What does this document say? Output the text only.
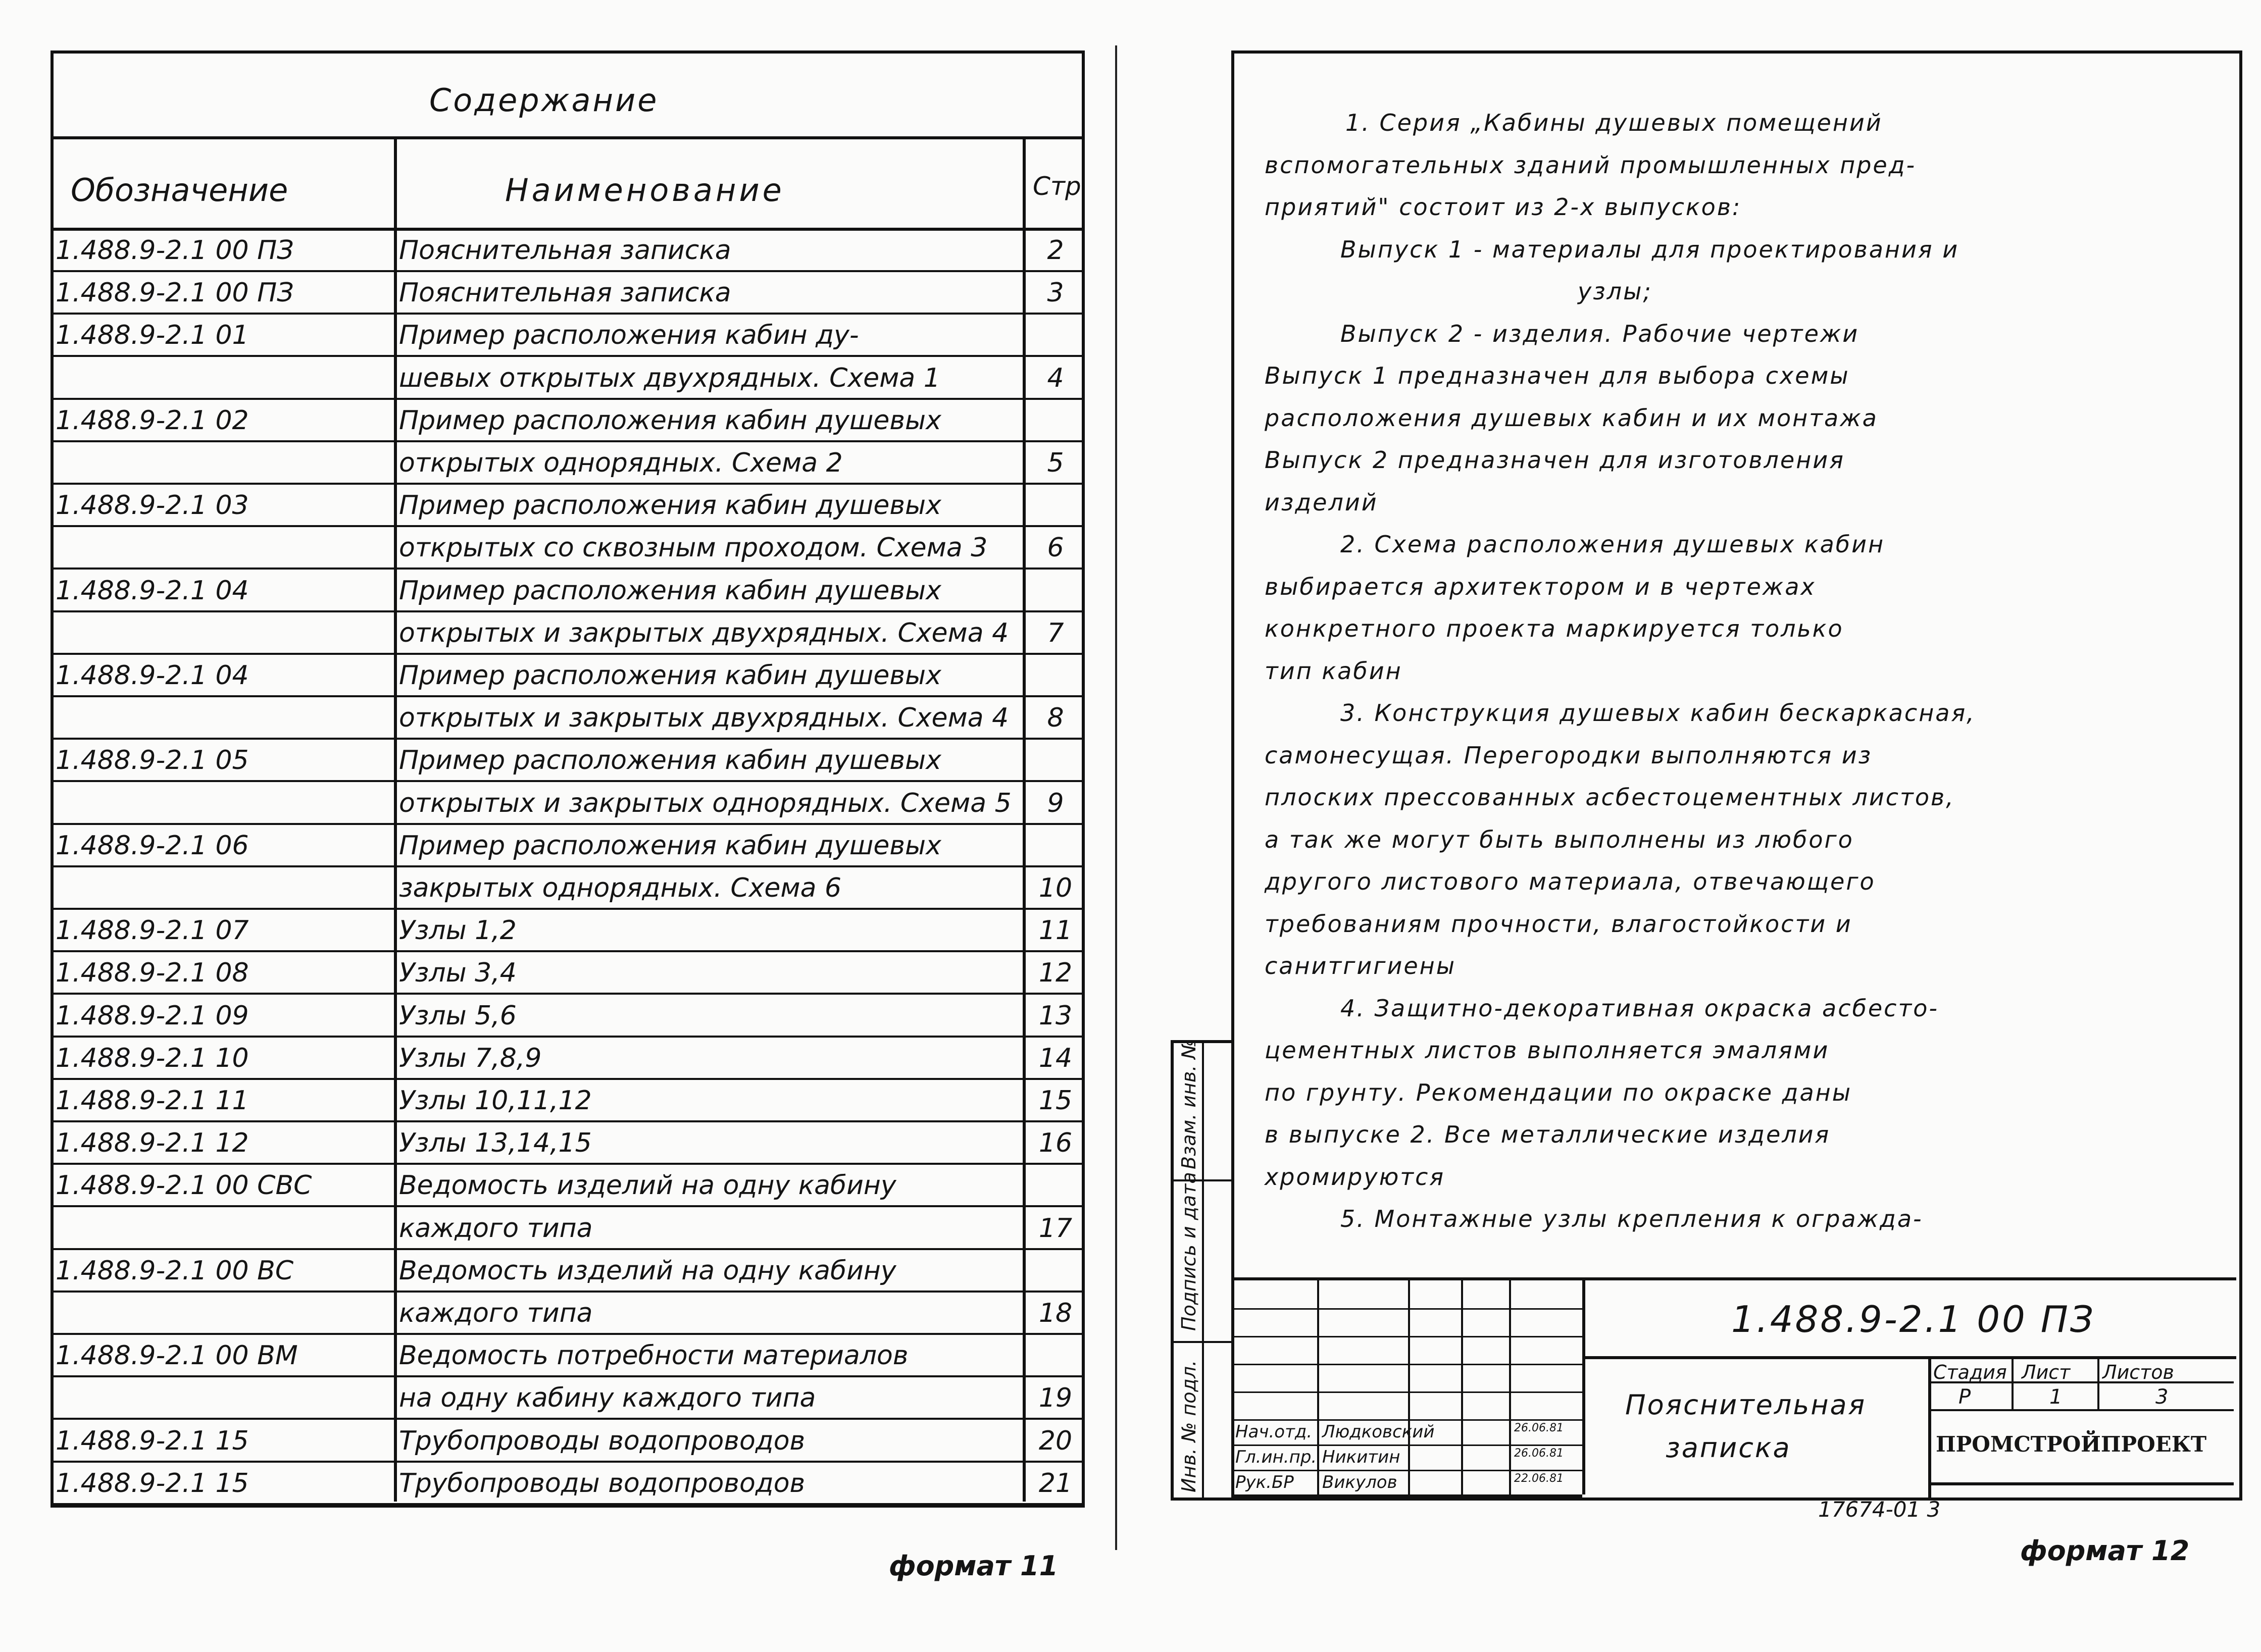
Содержание
Обозначение	Наименование	Стр
1.488.9-2.1 00 ПЗ	Пояснительная записка	2
1.488.9-2.1 00 ПЗ	Пояснительная записка	3
1.488.9-2.1 01	Пример расположения кабин ду-
шевых открытых двухрядных. Схема 1	4
1.488.9-2.1 02	Пример расположения кабин душевых
открытых однорядных. Схема 2	5
1.488.9-2.1 03	Пример расположения кабин душевых
открытых со сквозным проходом. Схема 3	6
1.488.9-2.1 04	Пример расположения кабин душевых
открытых и закрытых двухрядных. Схема 4	7
1.488.9-2.1 04	Пример расположения кабин душевых
открытых и закрытых двухрядных. Схема 4	8
1.488.9-2.1 05	Пример расположения кабин душевых
открытых и закрытых однорядных. Схема 5	9
1.488.9-2.1 06	Пример расположения кабин душевых
закрытых однорядных. Схема 6	10
1.488.9-2.1 07	Узлы 1,2	11
1.488.9-2.1 08	Узлы 3,4	12
1.488.9-2.1 09	Узлы 5,6	13
1.488.9-2.1 10	Узлы 7,8,9	14
1.488.9-2.1 11	Узлы 10,11,12	15
1.488.9-2.1 12	Узлы 13,14,15	16
1.488.9-2.1 00 СВС	Ведомость изделий на одну кабину
каждого типа	17
1.488.9-2.1 00 ВС	Ведомость изделий на одну кабину
каждого типа	18
1.488.9-2.1 00 ВМ	Ведомость потребности материалов
на одну кабину каждого типа	19
1.488.9-2.1 15	Трубопроводы водопроводов	20
1.488.9-2.1 15	Трубопроводы водопроводов	21
формат 11
1. Серия „Кабины душевых помещений
вспомогательных зданий промышленных пред-
приятий" состоит из 2-х выпусков:
Выпуск 1 - материалы для проектирования и
узлы;
Выпуск 2 - изделия. Рабочие чертежи
Выпуск 1 предназначен для выбора схемы
расположения душевых кабин и их монтажа
Выпуск 2 предназначен для изготовления
изделий
2. Схема расположения душевых кабин
выбирается архитектором и в чертежах
конкретного проекта маркируется только
тип кабин
3. Конструкция душевых кабин бескаркасная,
самонесущая. Перегородки выполняются из
плоских прессованных асбестоцементных листов,
а так же могут быть выполнены из любого
другого листового материала, отвечающего
требованиям прочности, влагостойкости и
санитгигиены
4. Защитно-декоративная окраска асбесто-
цементных листов выполняется эмалями
по грунту. Рекомендации по окраске даны
в выпуске 2. Все металлические изделия
хромируются
5. Монтажные узлы крепления к огражда-
Взам. инв. №
Подпись и дата
Инв. № подл. Нач.отд. Людковский	26.06.81
Гл.ин.пр. Никитин	26.06.81
Рук.БР Викулов	22.06.81
1.488.9-2.1 00 ПЗ
Пояснительная
записка
Стадия Лист Листов
Р	1	3
ПРОМСТРОЙПРОЕКТ
17674-01 3
формат 12
